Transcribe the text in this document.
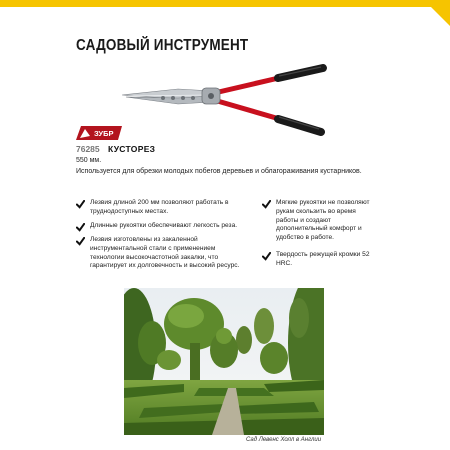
САДОВЫЙ ИНСТРУМЕНТ
ЗУБР
76285 КУСТОРЕЗ
550 мм.
Используется для обрезки молодых побегов деревьев и облагораживания кустарников.
Лезвия длиной 200 мм позволяют работать в труднодоступных местах.
Длинные рукоятки обеспечивают легкость реза.
Лезвия изготовлены из закаленной инструментальной стали с применением технологии высокочастотной закалки, что гарантирует их долговечность и высокий ресурс.
Мягкие рукоятки не позволяют рукам скользить во время работы и создают дополнительный комфорт и удобство в работе.
Твердость режущей кромки 52 HRC.
Сад Левенс Холл в Англии
